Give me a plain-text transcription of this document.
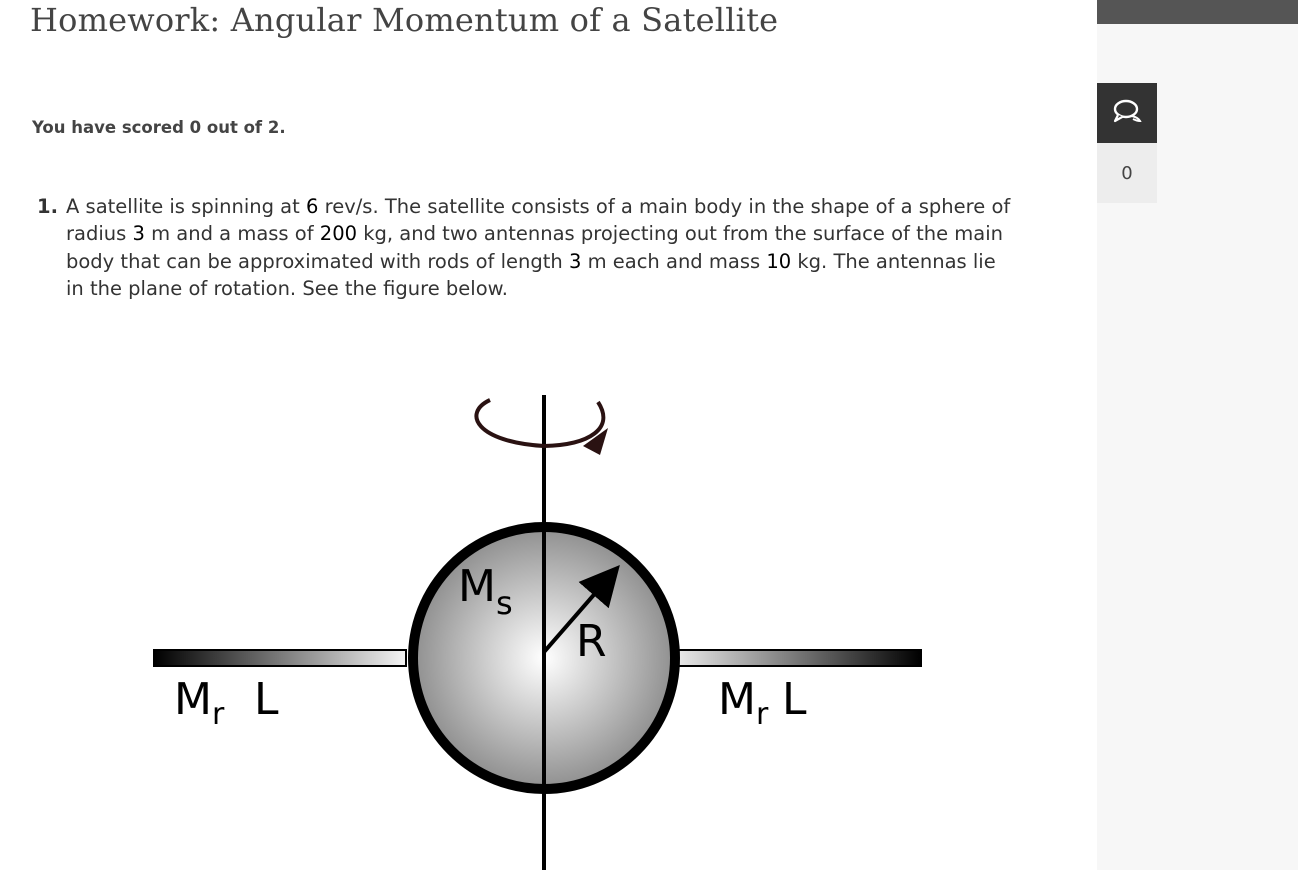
Homework: Angular Momentum of a Satellite
You have scored 0 out of 2.
1. A satellite is spinning at 6 rev/s. The satellite consists of a main body in the shape of a sphere of radius 3 m and a mass of 200 kg, and two antennas projecting out from the surface of the main body that can be approximated with rods of length 3 m each and mass 10 kg. The antennas lie in the plane of rotation. See the figure below.
$M_s$
R
$M_r$ L	$M_r$ L
0
